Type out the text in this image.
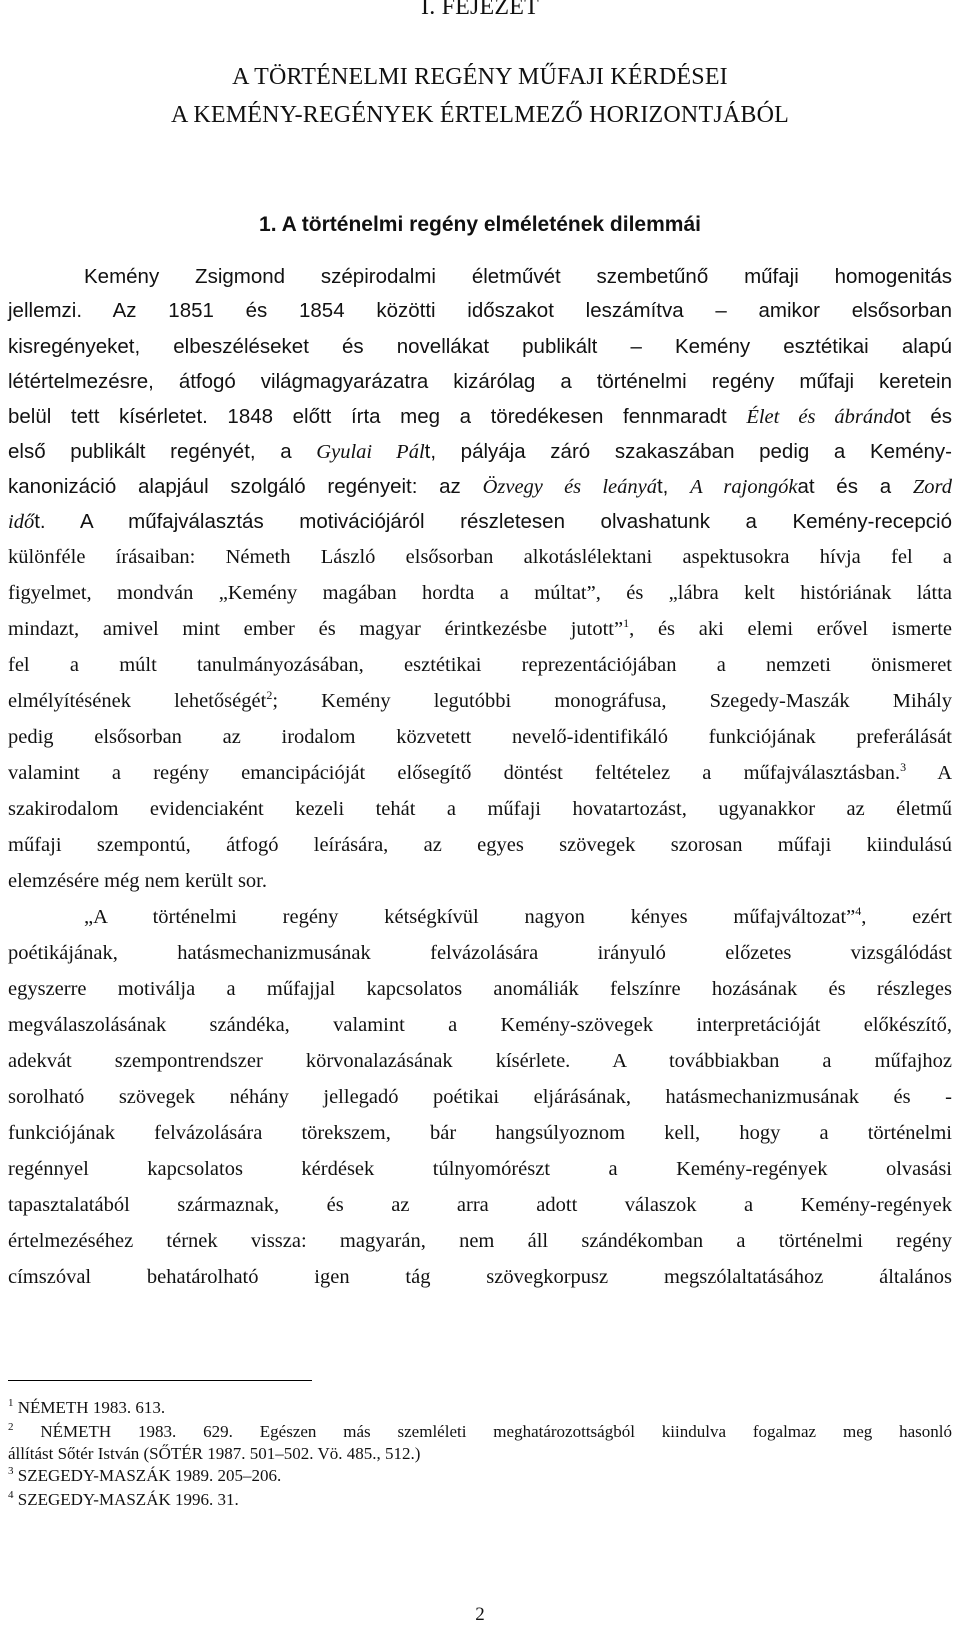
I. FEJEZET
A TÖRTÉNELMI REGÉNY MŰFAJI KÉRDÉSEI
A KEMÉNY-REGÉNYEK ÉRTELMEZŐ HORIZONTJÁBÓL
1. A történelmi regény elméletének dilemmái
Kemény Zsigmond szépirodalmi életművét szembetűnő műfaji homogenitás
jellemzi. Az 1851 és 1854 közötti időszakot leszámítva – amikor elsősorban
kisregényeket, elbeszéléseket és novellákat publikált – Kemény esztétikai alapú
létértelmezésre, átfogó világmagyarázatra kizárólag a történelmi regény műfaji keretein
belül tett kísérletet. 1848 előtt írta meg a töredékesen fennmaradt Élet és ábrándot és
első publikált regényét, a Gyulai Pált, pályája záró szakaszában pedig a Kemény-
kanonizáció alapjául szolgáló regényeit: az Özvegy és leányát, A rajongókat és a Zord
időt. A műfajválasztás motivációjáról részletesen olvashatunk a Kemény-recepció
különféle írásaiban: Németh László elsősorban alkotáslélektani aspektusokra hívja fel a
figyelmet, mondván „Kemény magában hordta a múltat”, és „lábra kelt históriának látta
mindazt, amivel mint ember és magyar érintkezésbe jutott”$^1$, és aki elemi erővel ismerte
fel a múlt tanulmányozásában, esztétikai reprezentációjában a nemzeti önismeret
elmélyítésének lehetőségét$^2$; Kemény legutóbbi monográfusa, Szegedy-Maszák Mihály
pedig elsősorban az irodalom közvetett nevelő-identifikáló funkciójának preferálását
valamint a regény emancipációját elősegítő döntést feltételez a műfajválasztásban.$^3$ A
szakirodalom evidenciaként kezeli tehát a műfaji hovatartozást, ugyanakkor az életmű
műfaji szempontú, átfogó leírására, az egyes szövegek szorosan műfaji kiindulású
elemzésére még nem került sor.
„A történelmi regény kétségkívül nagyon kényes műfajváltozat”$^4$, ezért
poétikájának, hatásmechanizmusának felvázolására irányuló előzetes vizsgálódást
egyszerre motiválja a műfajjal kapcsolatos anomáliák felszínre hozásának és részleges
megválaszolásának szándéka, valamint a Kemény-szövegek interpretációját előkészítő,
adekvát szempontrendszer körvonalazásának kísérlete. A továbbiakban a műfajhoz
sorolható szövegek néhány jellegadó poétikai eljárásának, hatásmechanizmusának és -
funkciójának felvázolására törekszem, bár hangsúlyoznom kell, hogy a történelmi
regénnyel kapcsolatos kérdések túlnyomórészt a Kemény-regények olvasási
tapasztalatából származnak, és az arra adott válaszok a Kemény-regények
értelmezéséhez térnek vissza: magyarán, nem áll szándékomban a történelmi regény
címszóval behatárolható igen tág szövegkorpusz megszólaltatásához általános
$^1$ NÉMETH 1983. 613.
$^2$ NÉMETH 1983. 629. Egészen más szemléleti meghatározottságból kiindulva fogalmaz meg hasonló
állítást Sőtér István (SŐTÉR 1987. 501–502. Vö. 485., 512.)
$^3$ SZEGEDY-MASZÁK 1989. 205–206.
$^4$ SZEGEDY-MASZÁK 1996. 31.
2
